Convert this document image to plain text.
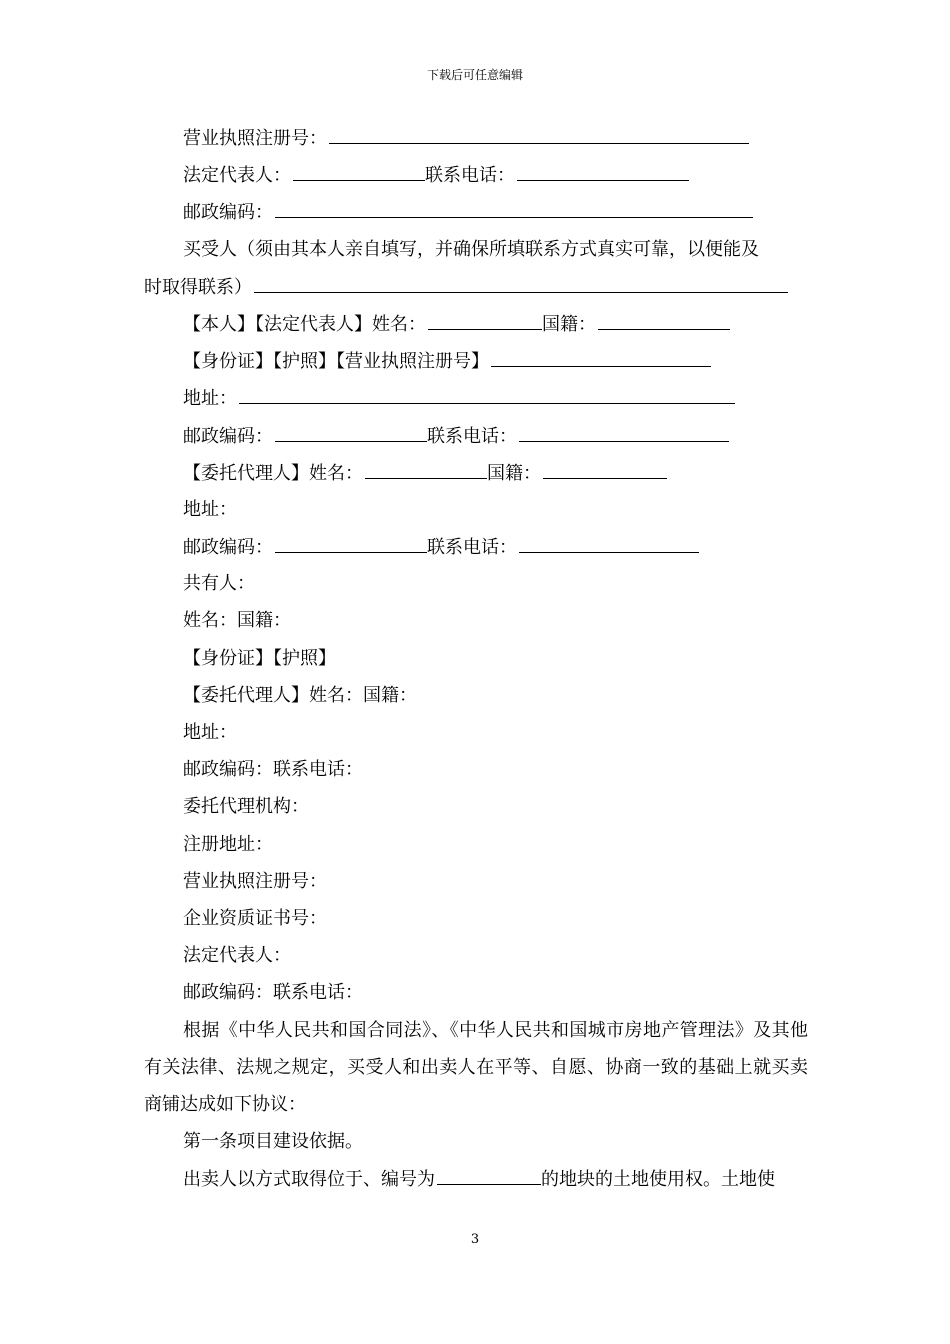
下载后可任意编辑
营业执照注册号：
法定代表人：	联系电话：
邮政编码：
买受人（须由其本人亲自填写，并确保所填联系方式真实可靠，以便能及
时取得联系）
【本人】【法定代表人】姓名：	国籍：
【身份证】【护照】【营业执照注册号】
地址：
邮政编码：	联系电话：
【委托代理人】姓名：	国籍：
地址：
邮政编码：	联系电话：
共有人：
姓名：国籍：
【身份证】【护照】
【委托代理人】姓名：国籍：
地址：
邮政编码：联系电话：
委托代理机构：
注册地址：
营业执照注册号：
企业资质证书号：
法定代表人：
邮政编码：联系电话：
根据《中华人民共和国合同法》、《中华人民共和国城市房地产管理法》及其他有关法律、法规之规定，买受人和出卖人在平等、自愿、协商一致的基础上就买卖商铺达成如下协议：
第一条项目建设依据。
出卖人以方式取得位于、编号为	的地块的土地使用权。土地使
3
